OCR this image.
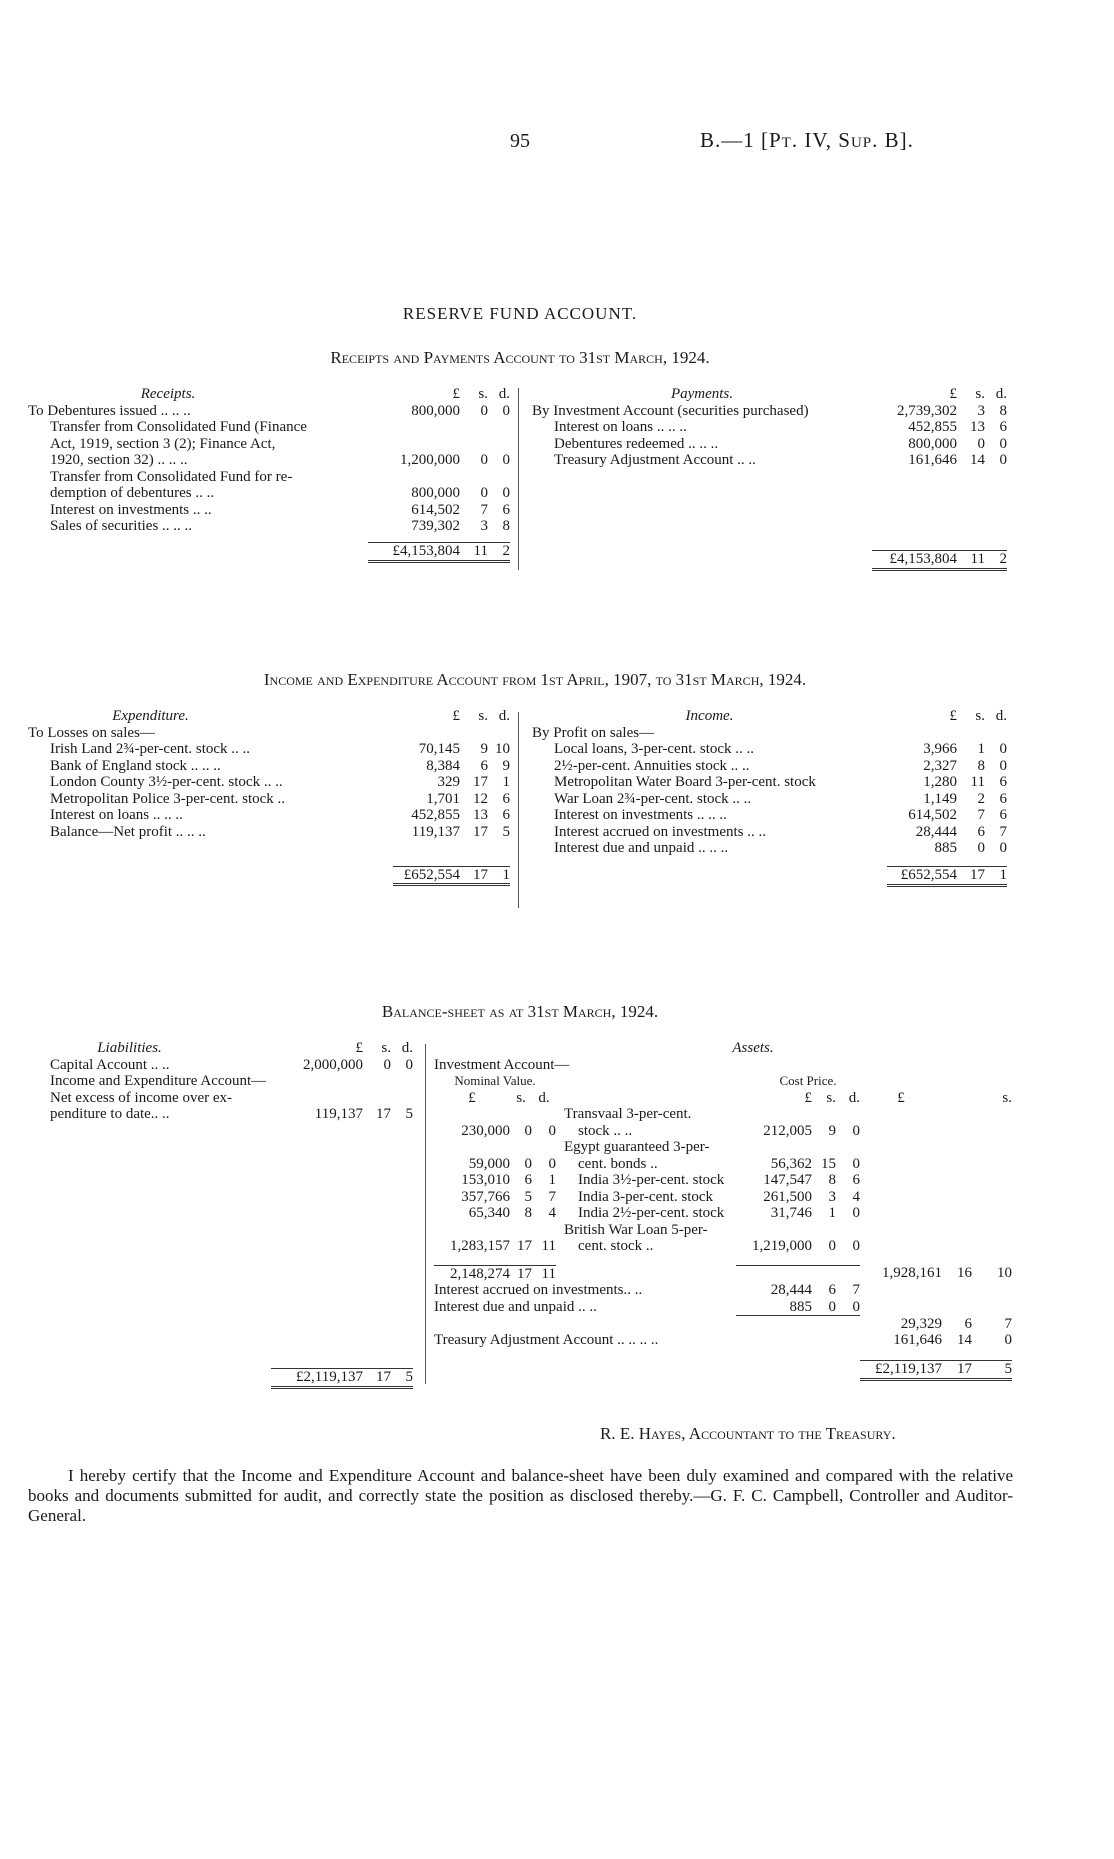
95	B.—1 [Pt. IV, Sup. B].
RESERVE FUND ACCOUNT.
Receipts and Payments Account to 31st March, 1924.
Receipts.	£	s.	d.
To Debentures issued .. .. ..	800,000	0	0
Transfer from Consolidated Fund (Finance			
Act, 1919, section 3 (2); Finance Act,			
1920, section 32) .. .. ..	1,200,000	0	0
Transfer from Consolidated Fund for re-			
demption of debentures .. ..	800,000	0	0
Interest on investments .. ..	614,502	7	6
Sales of securities .. .. ..	739,302	3	8

	£4,153,804	11	2
Payments.	£	s.	d.
By Investment Account (securities purchased)	2,739,302	3	8
Interest on loans .. .. ..	452,855	13	6
Debentures redeemed .. .. ..	800,000	0	0
Treasury Adjustment Account .. ..	161,646	14	0

	£4,153,804	11	2
Income and Expenditure Account from 1st April, 1907, to 31st March, 1924.
Expenditure.	£	s.	d.
To Losses on sales—			
Irish Land 2¾-per-cent. stock .. ..	70,145	9	10
Bank of England stock .. .. ..	8,384	6	9
London County 3½-per-cent. stock .. ..	329	17	1
Metropolitan Police 3-per-cent. stock ..	1,701	12	6
Interest on loans .. .. ..	452,855	13	6
Balance—Net profit .. .. ..	119,137	17	5

	£652,554	17	1
Income.	£	s.	d.
By Profit on sales—			
Local loans, 3-per-cent. stock .. ..	3,966	1	0
2½-per-cent. Annuities stock .. ..	2,327	8	0
Metropolitan Water Board 3-per-cent. stock	1,280	11	6
War Loan 2¾-per-cent. stock .. ..	1,149	2	6
Interest on investments .. .. ..	614,502	7	6
Interest accrued on investments .. ..	28,444	6	7
Interest due and unpaid .. .. ..	885	0	0

	£652,554	17	1
Balance-sheet as at 31st March, 1924.
Liabilities.	£	s.	d.
Capital Account .. ..	2,000,000	0	0
Income and Expenditure Account—			
Net excess of income over ex-			
penditure to date.. ..	119,137	17	5

	£2,119,137	17	5
Assets.
Investment Account—
Nominal Value.				Cost Price.					
£	s.	d.		£	s.	d.	£		s.
			Transvaal 3-per-cent.						
230,000	0	0	stock .. ..	212,005	9	0			
			Egypt guaranteed 3-per-						
59,000	0	0	cent. bonds ..	56,362	15	0			
153,010	6	1	India 3½-per-cent. stock	147,547	8	6			
357,766	5	7	India 3-per-cent. stock	261,500	3	4			
65,340	8	4	India 2½-per-cent. stock	31,746	1	0			
			British War Loan 5-per-						
1,283,157	17	11	cent. stock ..	1,219,000	0	0			

2,148,274	17	11					1,928,161	16	10
Interest accrued on investments.. ..				28,444	6	7			
Interest due and unpaid .. ..				885	0	0			
							29,329	6	7
Treasury Adjustment Account .. .. .. ..							161,646	14	0

							£2,119,137	17	5
R. E. Hayes, Accountant to the Treasury.
I hereby certify that the Income and Expenditure Account and balance-sheet have been duly examined and compared with the relative books and documents submitted for audit, and correctly state the position as disclosed thereby.—G. F. C. Campbell, Controller and Auditor-General.
